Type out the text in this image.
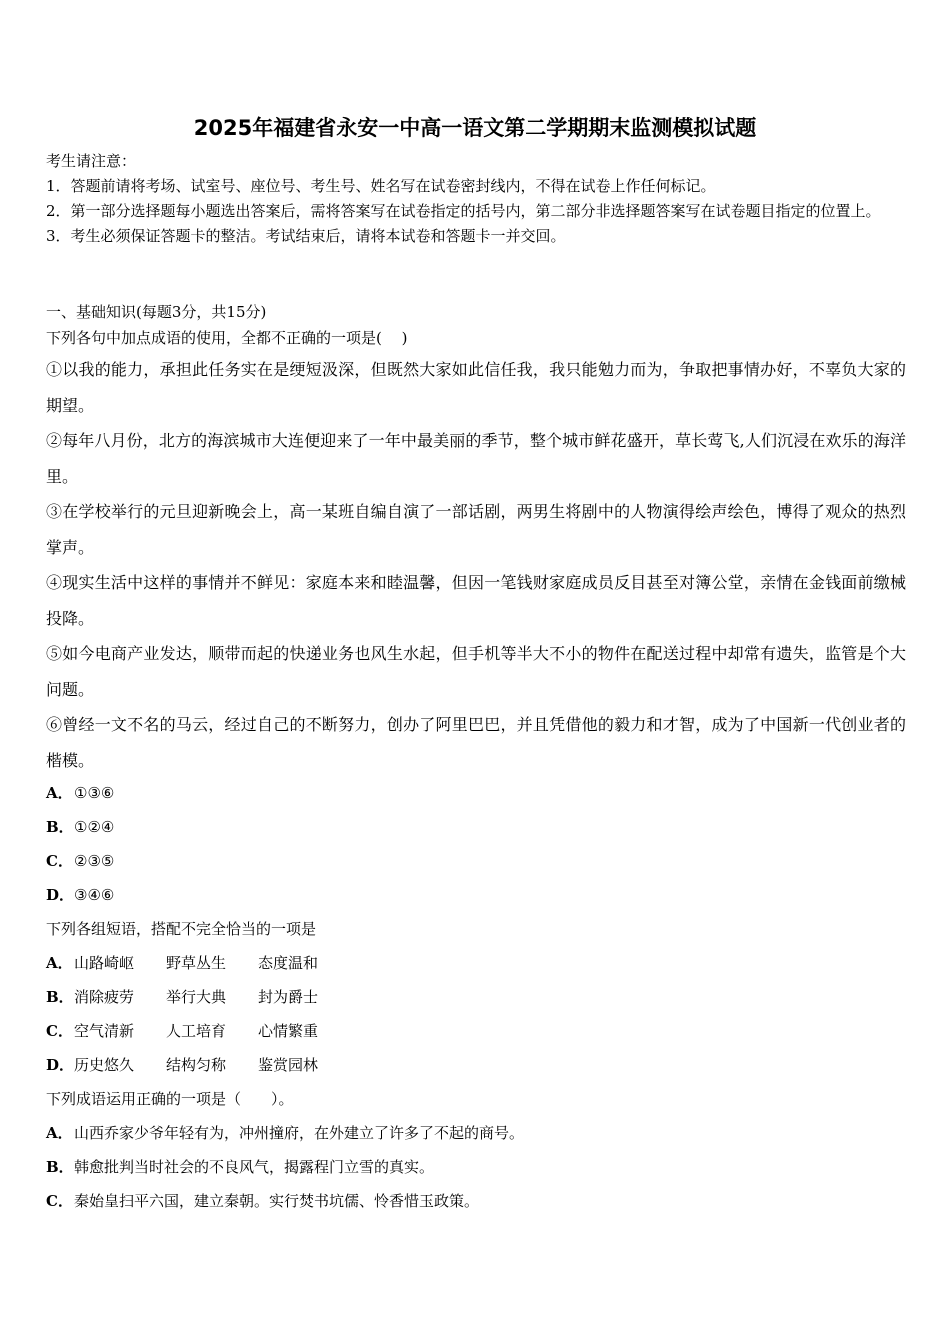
2025年福建省永安一中高一语文第二学期期末监测模拟试题
考生请注意：
1．答题前请将考场、试室号、座位号、考生号、姓名写在试卷密封线内，不得在试卷上作任何标记。
2．第一部分选择题每小题选出答案后，需将答案写在试卷指定的括号内，第二部分非选择题答案写在试卷题目指定的位置上。
3．考生必须保证答题卡的整洁。考试结束后，请将本试卷和答题卡一并交回。
一、基础知识(每题3分，共15分)
下列各句中加点成语的使用，全都不正确的一项是(　 )
①以我的能力，承担此任务实在是绠短汲深，但既然大家如此信任我，我只能勉力而为，争取把事情办好，不辜负大家的期望。
②每年八月份，北方的海滨城市大连便迎来了一年中最美丽的季节，整个城市鲜花盛开，草长莺飞,人们沉浸在欢乐的海洋里。
③在学校举行的元旦迎新晚会上，高一某班自编自演了一部话剧，两男生将剧中的人物演得绘声绘色，博得了观众的热烈掌声。
④现实生活中这样的事情并不鲜见：家庭本来和睦温馨，但因一笔钱财家庭成员反目甚至对簿公堂，亲情在金钱面前缴械投降。
⑤如今电商产业发达，顺带而起的快递业务也风生水起，但手机等半大不小的物件在配送过程中却常有遗失，监管是个大问题。
⑥曾经一文不名的马云，经过自己的不断努力，创办了阿里巴巴，并且凭借他的毅力和才智，成为了中国新一代创业者的楷模。
A．①③⑥
B．①②④
C．②③⑤
D．③④⑥
下列各组短语，搭配不完全恰当的一项是
A．山路崎岖 野草丛生 态度温和
B．消除疲劳 举行大典 封为爵士
C．空气清新 人工培育 心情繁重
D．历史悠久 结构匀称 鉴赏园林
下列成语运用正确的一项是（　　）。
A．山西乔家少爷年轻有为，冲州撞府，在外建立了许多了不起的商号。
B．韩愈批判当时社会的不良风气，揭露程门立雪的真实。
C．秦始皇扫平六国，建立秦朝。实行焚书坑儒、怜香惜玉政策。
